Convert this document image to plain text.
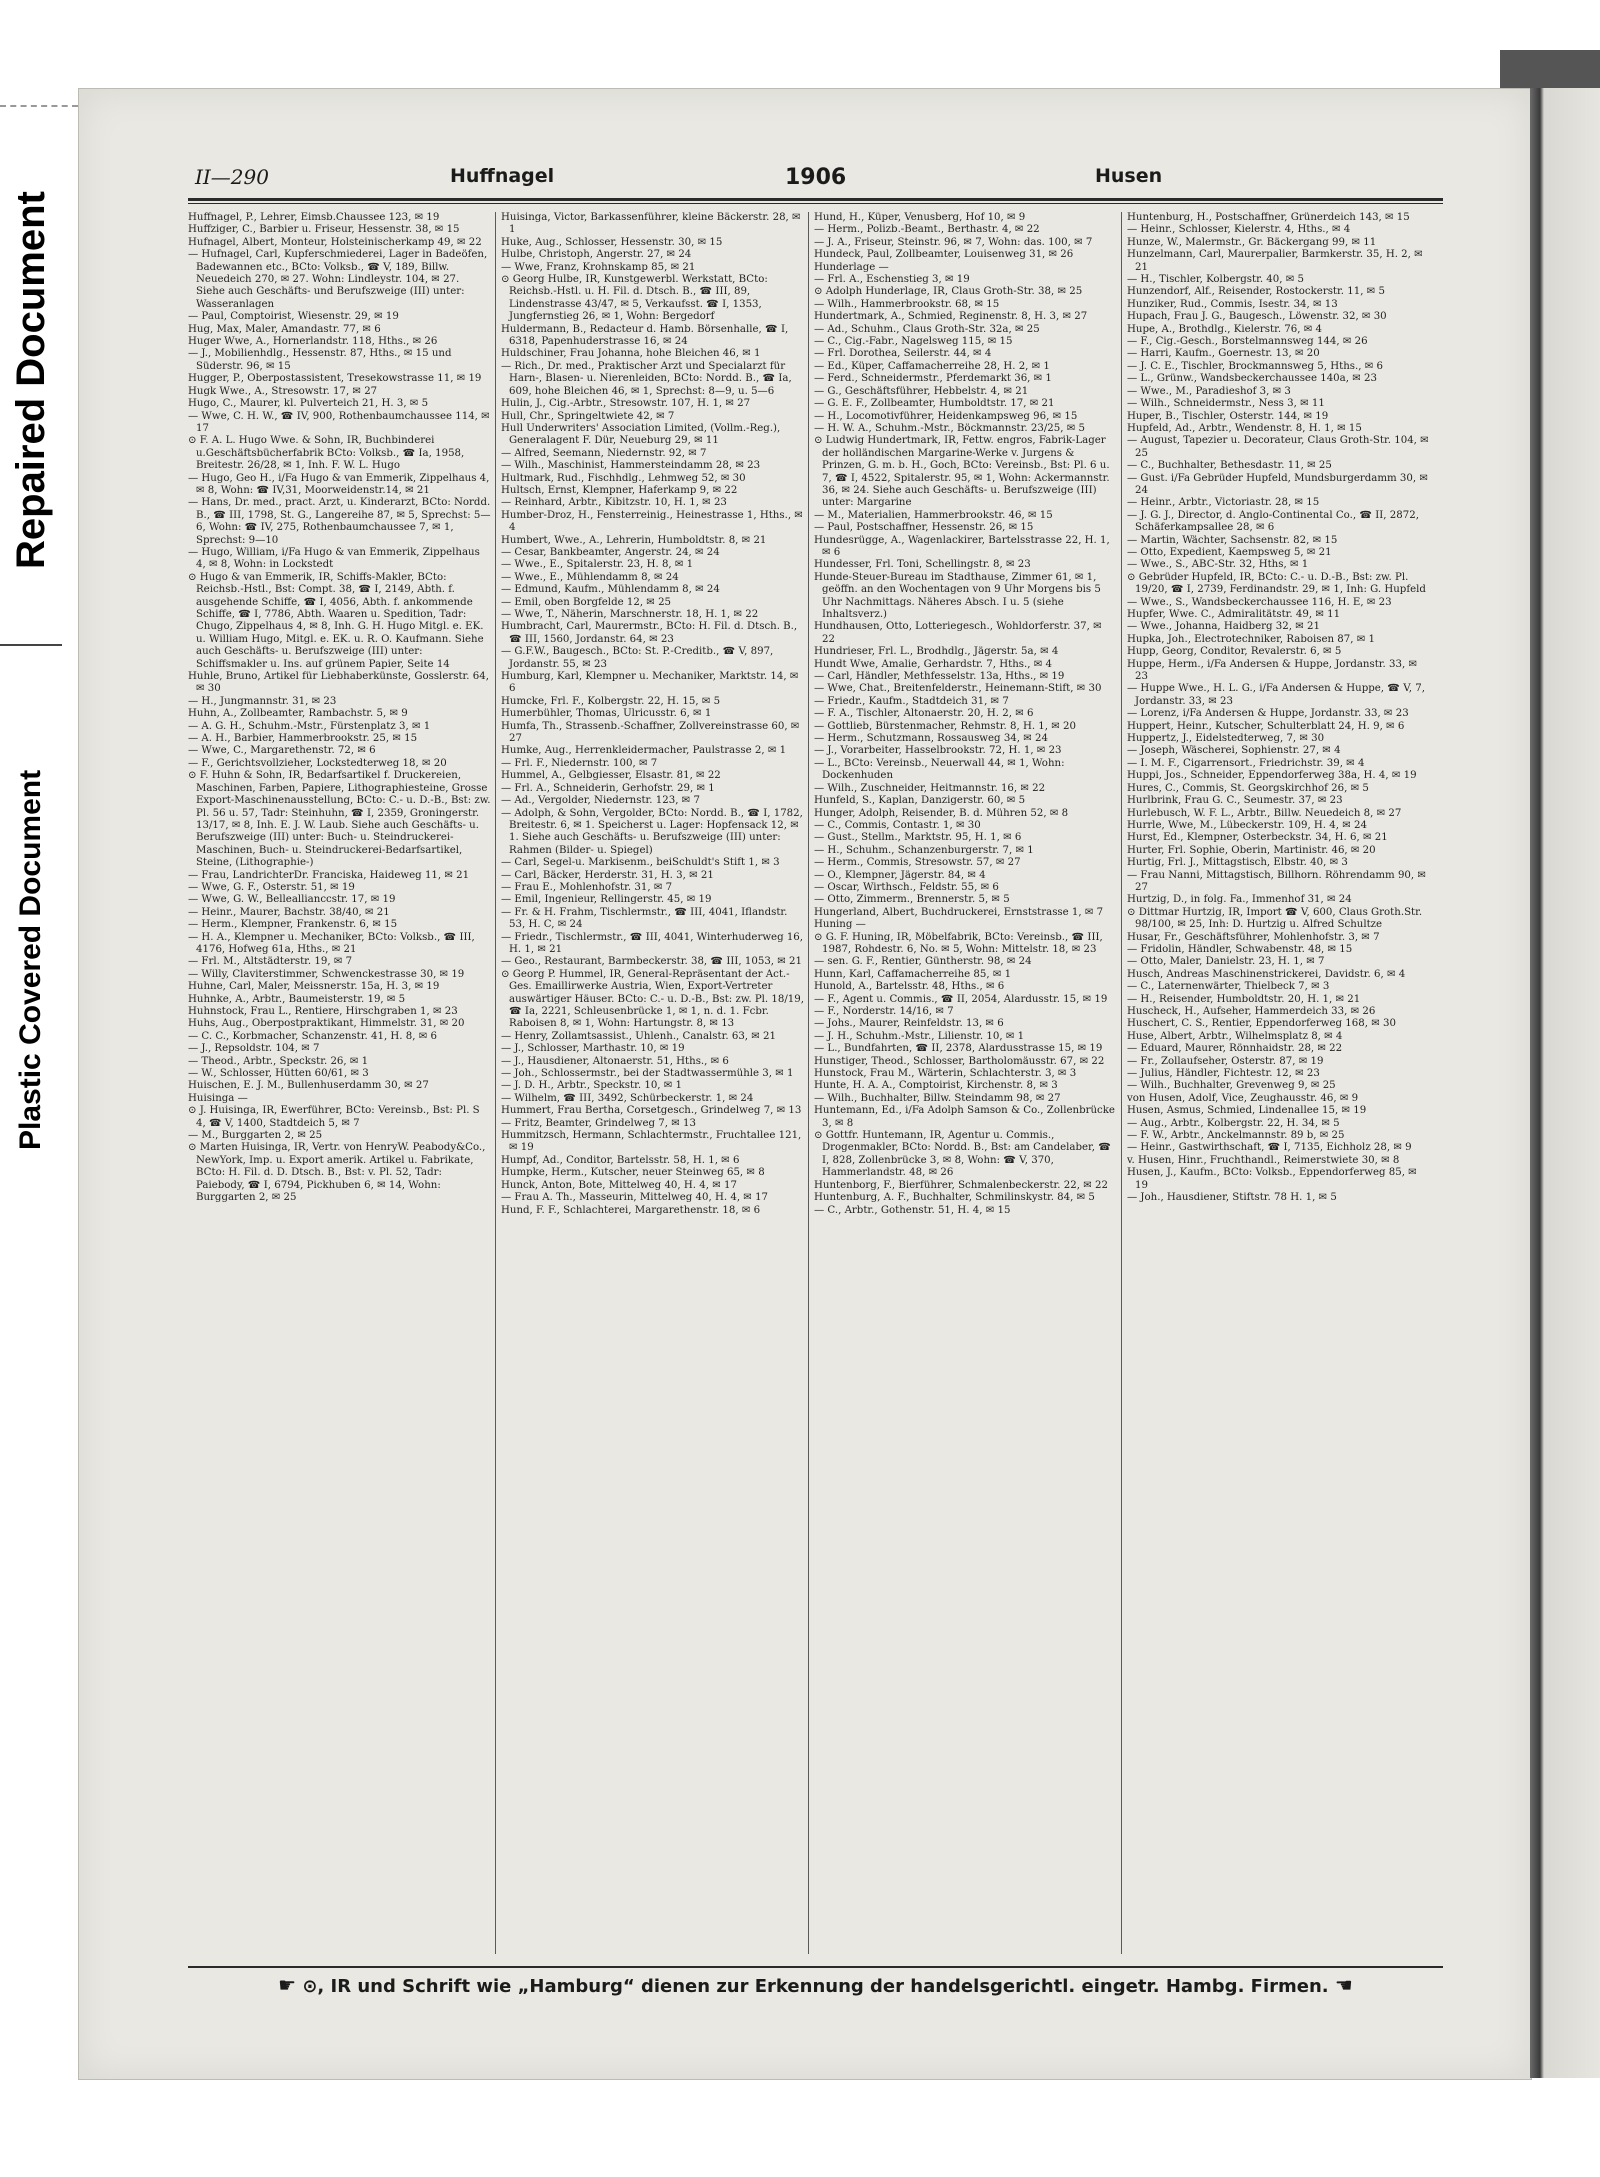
Repaired Document
Plastic Covered Document
II—290	Huffnagel	1906	Husen

Huffnagel, P., Lehrer, Eimsb.Chaussee 123, ✉ 19

Huffziger, C., Barbier u. Friseur, Hessenstr. 38, ✉ 15

Hufnagel, Albert, Monteur, Holsteinischerkamp 49, ✉ 22

— Hufnagel, Carl, Kupferschmiederei, Lager in Badeöfen, Badewannen etc., BCto: Volksb., ☎ V, 189, Billw. Neuedeich 270, ✉ 27. Wohn: Lindleystr. 104, ✉ 27. Siehe auch Geschäfts- und Berufszweige (III) unter: Wasseranlagen

— Paul, Comptoirist, Wiesenstr. 29, ✉ 19

Hug, Max, Maler, Amandastr. 77, ✉ 6

Huger Wwe, A., Hornerlandstr. 118, Hths., ✉ 26

— J., Mobilienhdlg., Hessenstr. 87, Hths., ✉ 15 und Süderstr. 96, ✉ 15

Hugger, P., Oberpostassistent, Tresekowstrasse 11, ✉ 19

Hugk Wwe., A., Stresowstr. 17, ✉ 27

Hugo, C., Maurer, kl. Pulverteich 21, H. 3, ✉ 5

— Wwe, C. H. W., ☎ IV, 900, Rothenbaumchaussee 114, ✉ 17

⊙ F. A. L. Hugo Wwe. & Sohn, IR, Buchbinderei u.Geschäftsbücherfabrik BCto: Volksb., ☎ Ia, 1958, Breitestr. 26/28, ✉ 1, Inh. F. W. L. Hugo

— Hugo, Geo H., i/Fa Hugo & van Emmerik, Zippelhaus 4, ✉ 8, Wohn: ☎ IV,31, Moorweidenstr.14, ✉ 21

— Hans, Dr. med., pract. Arzt, u. Kinderarzt, BCto: Nordd. B., ☎ III, 1798, St. G., Langereihe 87, ✉ 5, Sprechst: 5—6, Wohn: ☎ IV, 275, Rothenbaumchaussee 7, ✉ 1, Sprechst: 9—10

— Hugo, William, i/Fa Hugo & van Emmerik, Zippelhaus 4, ✉ 8, Wohn: in Lockstedt

⊙ Hugo & van Emmerik, IR, Schiffs-Makler, BCto: Reichsb.-Hstl., Bst: Compt. 38, ☎ I, 2149, Abth. f. ausgehende Schiffe, ☎ I, 4056, Abth. f. ankommende Schiffe, ☎ I, 7786, Abth. Waaren u. Spedition, Tadr: Chugo, Zippelhaus 4, ✉ 8, Inh. G. H. Hugo Mitgl. e. EK. u. William Hugo, Mitgl. e. EK. u. R. O. Kaufmann. Siehe auch Geschäfts- u. Berufszweige (III) unter: Schiffsmakler u. Ins. auf grünem Papier, Seite 14

Huhle, Bruno, Artikel für Liebhaberkünste, Gosslerstr. 64, ✉ 30

— H., Jungmannstr. 31, ✉ 23

Huhn, A., Zollbeamter, Rambachstr. 5, ✉ 9

— A. G. H., Schuhm.-Mstr., Fürstenplatz 3, ✉ 1

— A. H., Barbier, Hammerbrookstr. 25, ✉ 15

— Wwe, C., Margarethenstr. 72, ✉ 6

— F., Gerichtsvollzieher, Lockstedterweg 18, ✉ 20

⊙ F. Huhn & Sohn, IR, Bedarfsartikel f. Druckereien, Maschinen, Farben, Papiere, Lithographiesteine, Grosse Export-Maschinenausstellung, BCto: C.- u. D.-B., Bst: zw. Pl. 56 u. 57, Tadr: Steinhuhn, ☎ I, 2359, Groningerstr. 13/17, ✉ 8, Inh. E. J. W. Laub. Siehe auch Geschäfts- u. Berufszweige (III) unter: Buch- u. Steindruckerei-Maschinen, Buch- u. Steindruckerei-Bedarfsartikel, Steine, (Lithographie-)

— Frau, LandrichterDr. Franciska, Haideweg 11, ✉ 21

— Wwe, G. F., Osterstr. 51, ✉ 19

— Wwe, G. W., Belleallianccstr. 17, ✉ 19

— Heinr., Maurer, Bachstr. 38/40, ✉ 21

— Herm., Klempner, Frankenstr. 6, ✉ 15

— H. A., Klempner u. Mechaniker, BCto: Volksb., ☎ III, 4176, Hofweg 61a, Hths., ✉ 21

— Frl. M., Altstädterstr. 19, ✉ 7

— Willy, Claviterstimmer, Schwenckestrasse 30, ✉ 19

Huhne, Carl, Maler, Meissnerstr. 15a, H. 3, ✉ 19

Huhnke, A., Arbtr., Baumeisterstr. 19, ✉ 5

Huhnstock, Frau L., Rentiere, Hirschgraben 1, ✉ 23

Huhs, Aug., Oberpostpraktikant, Himmelstr. 31, ✉ 20

— C. C., Korbmacher, Schanzenstr. 41, H. 8, ✉ 6

— J., Repsoldstr. 104, ✉ 7

— Theod., Arbtr., Speckstr. 26, ✉ 1

— W., Schlosser, Hütten 60/61, ✉ 3

Huischen, E. J. M., Bullenhuserdamm 30, ✉ 27

Huisinga —

⊙ J. Huisinga, IR, Ewerführer, BCto: Vereinsb., Bst: Pl. S 4, ☎ V, 1400, Stadtdeich 5, ✉ 7

— M., Burggarten 2, ✉ 25

⊙ Marten Huisinga, IR, Vertr. von HenryW. Peabody&Co., NewYork, Imp. u. Export amerik. Artikel u. Fabrikate, BCto: H. Fil. d. D. Dtsch. B., Bst: v. Pl. 52, Tadr: Paiebody, ☎ I, 6794, Pickhuben 6, ✉ 14, Wohn: Burggarten 2, ✉ 25

Huisinga, Victor, Barkassenführer, kleine Bäckerstr. 28, ✉ 1

Huke, Aug., Schlosser, Hessenstr. 30, ✉ 15

Hulbe, Christoph, Angerstr. 27, ✉ 24

— Wwe, Franz, Krohnskamp 85, ✉ 21

⊙ Georg Hulbe, IR, Kunstgewerbl. Werkstatt, BCto: Reichsb.-Hstl. u. H. Fil. d. Dtsch. B., ☎ III, 89, Lindenstrasse 43/47, ✉ 5, Verkaufsst. ☎ I, 1353, Jungfernstieg 26, ✉ 1, Wohn: Bergedorf

Huldermann, B., Redacteur d. Hamb. Börsenhalle, ☎ I, 6318, Papenhuderstrasse 16, ✉ 24

Huldschiner, Frau Johanna, hohe Bleichen 46, ✉ 1

— Rich., Dr. med., Praktischer Arzt und Specialarzt für Harn-, Blasen- u. Nierenleiden, BCto: Nordd. B., ☎ Ia, 609, hohe Bleichen 46, ✉ 1, Sprechst: 8—9, u. 5—6

Hulin, J., Cig.-Arbtr., Stresowstr. 107, H. 1, ✉ 27

Hull, Chr., Springeltwiete 42, ✉ 7

Hull Underwriters' Association Limited, (Vollm.-Reg.), Generalagent F. Dür, Neueburg 29, ✉ 11

— Alfred, Seemann, Niedernstr. 92, ✉ 7

— Wilh., Maschinist, Hammersteindamm 28, ✉ 23

Hultmark, Rud., Fischhdlg., Lehmweg 52, ✉ 30

Hultsch, Ernst, Klempner, Haferkamp 9, ✉ 22

— Reinhard, Arbtr., Kibitzstr. 10, H. 1, ✉ 23

Humber-Droz, H., Fensterreinig., Heinestrasse 1, Hths., ✉ 4

Humbert, Wwe., A., Lehrerin, Humboldtstr. 8, ✉ 21

— Cesar, Bankbeamter, Angerstr. 24, ✉ 24

— Wwe., E., Spitalerstr. 23, H. 8, ✉ 1

— Wwe., E., Mühlendamm 8, ✉ 24

— Edmund, Kaufm., Mühlendamm 8, ✉ 24

— Emil, oben Borgfelde 12, ✉ 25

— Wwe, T., Näherin, Marschnerstr. 18, H. 1, ✉ 22

Humbracht, Carl, Maurermstr., BCto: H. Fil. d. Dtsch. B., ☎ III, 1560, Jordanstr. 64, ✉ 23

— G.F.W., Baugesch., BCto: St. P.-Creditb., ☎ V, 897, Jordanstr. 55, ✉ 23

Humburg, Karl, Klempner u. Mechaniker, Marktstr. 14, ✉ 6

Humcke, Frl. F., Kolbergstr. 22, H. 15, ✉ 5

Humerbühler, Thomas, Ulricusstr. 6, ✉ 1

Humfa, Th., Strassenb.-Schaffner, Zollvereinstrasse 60, ✉ 27

Humke, Aug., Herrenkleidermacher, Paulstrasse 2, ✉ 1

— Frl. F., Niedernstr. 100, ✉ 7

Hummel, A., Gelbgiesser, Elsastr. 81, ✉ 22

— Frl. A., Schneiderin, Gerhofstr. 29, ✉ 1

— Ad., Vergolder, Niedernstr. 123, ✉ 7

— Adolph, & Sohn, Vergolder, BCto: Nordd. B., ☎ I, 1782, Breitestr. 6, ✉ 1. Speicherst u. Lager: Hopfensack 12, ✉ 1. Siehe auch Geschäfts- u. Berufszweige (III) unter: Rahmen (Bilder- u. Spiegel)

— Carl, Segel-u. Markisenm., beiSchuldt's Stift 1, ✉ 3

— Carl, Bäcker, Herderstr. 31, H. 3, ✉ 21

— Frau E., Mohlenhofstr. 31, ✉ 7

— Emil, Ingenieur, Rellingerstr. 45, ✉ 19

— Fr. & H. Frahm, Tischlermstr., ☎ III, 4041, Iflandstr. 53, H. C, ✉ 24

— Friedr., Tischlermstr., ☎ III, 4041, Winterhuderweg 16, H. 1, ✉ 21

— Geo., Restaurant, Barmbeckerstr. 38, ☎ III, 1053, ✉ 21

⊙ Georg P. Hummel, IR, General-Repräsentant der Act.-Ges. Emaillirwerke Austria, Wien, Export-Vertreter auswärtiger Häuser. BCto: C.- u. D.-B., Bst: zw. Pl. 18/19, ☎ Ia, 2221, Schleusenbrücke 1, ✉ 1, n. d. 1. Fcbr. Raboisen 8, ✉ 1, Wohn: Hartungstr. 8, ✉ 13

— Henry, Zollamtsassist., Uhlenh., Canalstr. 63, ✉ 21

— J., Schlosser, Marthastr. 10, ✉ 19

— J., Hausdiener, Altonaerstr. 51, Hths., ✉ 6

— Joh., Schlossermstr., bei der Stadtwassermühle 3, ✉ 1

— J. D. H., Arbtr., Speckstr. 10, ✉ 1

— Wilhelm, ☎ III, 3492, Schürbeckerstr. 1, ✉ 24

Hummert, Frau Bertha, Corsetgesch., Grindelweg 7, ✉ 13

— Fritz, Beamter, Grindelweg 7, ✉ 13

Hummitzsch, Hermann, Schlachtermstr., Fruchtallee 121, ✉ 19

Humpf, Ad., Conditor, Bartelsstr. 58, H. 1, ✉ 6

Humpke, Herm., Kutscher, neuer Steinweg 65, ✉ 8

Hunck, Anton, Bote, Mittelweg 40, H. 4, ✉ 17

— Frau A. Th., Masseurin, Mittelweg 40, H. 4, ✉ 17

Hund, F. F., Schlachterei, Margarethenstr. 18, ✉ 6

Hund, H., Küper, Venusberg, Hof 10, ✉ 9

— Herm., Polizb.-Beamt., Berthastr. 4, ✉ 22

— J. A., Friseur, Steinstr. 96, ✉ 7, Wohn: das. 100, ✉ 7

Hundeck, Paul, Zollbeamter, Louisenweg 31, ✉ 26

Hunderlage —

— Frl. A., Eschenstieg 3, ✉ 19

⊙ Adolph Hunderlage, IR, Claus Groth-Str. 38, ✉ 25

— Wilh., Hammerbrookstr. 68, ✉ 15

Hundertmark, A., Schmied, Reginenstr. 8, H. 3, ✉ 27

— Ad., Schuhm., Claus Groth-Str. 32a, ✉ 25

— C., Cig.-Fabr., Nagelsweg 115, ✉ 15

— Frl. Dorothea, Seilerstr. 44, ✉ 4

— Ed., Küper, Caffamacherreihe 28, H. 2, ✉ 1

— Ferd., Schneidermstr., Pferdemarkt 36, ✉ 1

— G., Geschäftsführer, Hebbelstr. 4, ✉ 21

— G. E. F., Zollbeamter, Humboldtstr. 17, ✉ 21

— H., Locomotivführer, Heidenkampsweg 96, ✉ 15

— H. W. A., Schuhm.-Mstr., Böckmannstr. 23/25, ✉ 5

⊙ Ludwig Hundertmark, IR, Fettw. engros, Fabrik-Lager der holländischen Margarine-Werke v. Jurgens & Prinzen, G. m. b. H., Goch, BCto: Vereinsb., Bst: Pl. 6 u. 7, ☎ I, 4522, Spitalerstr. 95, ✉ 1, Wohn: Ackermannstr. 36, ✉ 24. Siehe auch Geschäfts- u. Berufszweige (III) unter: Margarine

— M., Materialien, Hammerbrookstr. 46, ✉ 15

— Paul, Postschaffner, Hessenstr. 26, ✉ 15

Hundesrügge, A., Wagenlackirer, Bartelsstrasse 22, H. 1, ✉ 6

Hundesser, Frl. Toni, Schellingstr. 8, ✉ 23

Hunde-Steuer-Bureau im Stadthause, Zimmer 61, ✉ 1, geöffn. an den Wochentagen von 9 Uhr Morgens bis 5 Uhr Nachmittags. Näheres Absch. I u. 5 (siehe Inhaltsverz.)

Hundhausen, Otto, Lotteriegesch., Wohldorferstr. 37, ✉ 22

Hundrieser, Frl. L., Brodhdlg., Jägerstr. 5a, ✉ 4

Hundt Wwe, Amalie, Gerhardstr. 7, Hths., ✉ 4

— Carl, Händler, Methfesselstr. 13a, Hths., ✉ 19

— Wwe, Chat., Breitenfelderstr., Heinemann-Stift, ✉ 30

— Friedr., Kaufm., Stadtdeich 31, ✉ 7

— F. A., Tischler, Altonaerstr. 20, H. 2, ✉ 6

— Gottlieb, Bürstenmacher, Rehmstr. 8, H. 1, ✉ 20

— Herm., Schutzmann, Rossausweg 34, ✉ 24

— J., Vorarbeiter, Hasselbrookstr. 72, H. 1, ✉ 23

— L., BCto: Vereinsb., Neuerwall 44, ✉ 1, Wohn: Dockenhuden

— Wilh., Zuschneider, Heitmannstr. 16, ✉ 22

Hunfeld, S., Kaplan, Danzigerstr. 60, ✉ 5

Hunger, Adolph, Reisender, B. d. Mühren 52, ✉ 8

— C., Commis, Contastr. 1, ✉ 30

— Gust., Stellm., Marktstr. 95, H. 1, ✉ 6

— H., Schuhm., Schanzenburgerstr. 7, ✉ 1

— Herm., Commis, Stresowstr. 57, ✉ 27

— O., Klempner, Jägerstr. 84, ✉ 4

— Oscar, Wirthsch., Feldstr. 55, ✉ 6

— Otto, Zimmerm., Brennerstr. 5, ✉ 5

Hungerland, Albert, Buchdruckerei, Ernststrasse 1, ✉ 7

Huning —

⊙ G. F. Huning, IR, Möbelfabrik, BCto: Vereinsb., ☎ III, 1987, Rohdestr. 6, No. ✉ 5, Wohn: Mittelstr. 18, ✉ 23

— sen. G. F., Rentier, Güntherstr. 98, ✉ 24

Hunn, Karl, Caffamacherreihe 85, ✉ 1

Hunold, A., Bartelsstr. 48, Hths., ✉ 6

— F., Agent u. Commis., ☎ II, 2054, Alardusstr. 15, ✉ 19

— F., Norderstr. 14/16, ✉ 7

— Johs., Maurer, Reinfeldstr. 13, ✉ 6

— J. H., Schuhm.-Mstr., Lilienstr. 10, ✉ 1

— L., Bundfahrten, ☎ II, 2378, Alardusstrasse 15, ✉ 19

Hunstiger, Theod., Schlosser, Bartholomäusstr. 67, ✉ 22

Hunstock, Frau M., Wärterin, Schlachterstr. 3, ✉ 3

Hunte, H. A. A., Comptoirist, Kirchenstr. 8, ✉ 3

— Wilh., Buchhalter, Billw. Steindamm 98, ✉ 27

Huntemann, Ed., i/Fa Adolph Samson & Co., Zollenbrücke 3, ✉ 8

⊙ Gottfr. Huntemann, IR, Agentur u. Commis., Drogenmakler, BCto: Nordd. B., Bst: am Candelaber, ☎ I, 828, Zollenbrücke 3, ✉ 8, Wohn: ☎ V, 370, Hammerlandstr. 48, ✉ 26

Huntenborg, F., Bierführer, Schmalenbeckerstr. 22, ✉ 22

Huntenburg, A. F., Buchhalter, Schmilinskystr. 84, ✉ 5

— C., Arbtr., Gothenstr. 51, H. 4, ✉ 15

Huntenburg, H., Postschaffner, Grünerdeich 143, ✉ 15

— Heinr., Schlosser, Kielerstr. 4, Hths., ✉ 4

Hunze, W., Malermstr., Gr. Bäckergang 99, ✉ 11

Hunzelmann, Carl, Maurerpalier, Barmkerstr. 35, H. 2, ✉ 21

— H., Tischler, Kolbergstr. 40, ✉ 5

Hunzendorf, Alf., Reisender, Rostockerstr. 11, ✉ 5

Hunziker, Rud., Commis, Isestr. 34, ✉ 13

Hupach, Frau J. G., Baugesch., Löwenstr. 32, ✉ 30

Hupe, A., Brothdlg., Kielerstr. 76, ✉ 4

— F., Cig.-Gesch., Borstelmannsweg 144, ✉ 26

— Harri, Kaufm., Goernestr. 13, ✉ 20

— J. C. E., Tischler, Brockmannsweg 5, Hths., ✉ 6

— L., Grünw., Wandsbeckerchaussee 140a, ✉ 23

— Wwe., M., Paradieshof 3, ✉ 3

— Wilh., Schneidermstr., Ness 3, ✉ 11

Huper, B., Tischler, Osterstr. 144, ✉ 19

Hupfeld, Ad., Arbtr., Wendenstr. 8, H. 1, ✉ 15

— August, Tapezier u. Decorateur, Claus Groth-Str. 104, ✉ 25

— C., Buchhalter, Bethesdastr. 11, ✉ 25

— Gust. i/Fa Gebrüder Hupfeld, Mundsburgerdamm 30, ✉ 24

— Heinr., Arbtr., Victoriastr. 28, ✉ 15

— J. G. J., Director, d. Anglo-Continental Co., ☎ II, 2872, Schäferkampsallee 28, ✉ 6

— Martin, Wächter, Sachsenstr. 82, ✉ 15

— Otto, Expedient, Kaempsweg 5, ✉ 21

— Wwe., S., ABC-Str. 32, Hths, ✉ 1

⊙ Gebrüder Hupfeld, IR, BCto: C.- u. D.-B., Bst: zw. Pl. 19/20, ☎ I, 2739, Ferdinandstr. 29, ✉ 1, Inh: G. Hupfeld

— Wwe., S., Wandsbeckerchaussee 116, H. E, ✉ 23

Hupfer, Wwe. C., Admiralitätstr. 49, ✉ 11

— Wwe., Johanna, Haidberg 32, ✉ 21

Hupka, Joh., Electrotechniker, Raboisen 87, ✉ 1

Hupp, Georg, Conditor, Revalerstr. 6, ✉ 5

Huppe, Herm., i/Fa Andersen & Huppe, Jordanstr. 33, ✉ 23

— Huppe Wwe., H. L. G., i/Fa Andersen & Huppe, ☎ V, 7, Jordanstr. 33, ✉ 23

— Lorenz, i/Fa Andersen & Huppe, Jordanstr. 33, ✉ 23

Huppert, Heinr., Kutscher, Schulterblatt 24, H. 9, ✉ 6

Huppertz, J., Eidelstedterweg, 7, ✉ 30

— Joseph, Wäscherei, Sophienstr. 27, ✉ 4

— I. M. F., Cigarrensort., Friedrichstr. 39, ✉ 4

Huppi, Jos., Schneider, Eppendorferweg 38a, H. 4, ✉ 19

Hures, C., Commis, St. Georgskirchhof 26, ✉ 5

Hurlbrink, Frau G. C., Seumestr. 37, ✉ 23

Hurlebusch, W. F. L., Arbtr., Billw. Neuedeich 8, ✉ 27

Hurrle, Wwe, M., Lübeckerstr. 109, H. 4, ✉ 24

Hurst, Ed., Klempner, Osterbeckstr. 34, H. 6, ✉ 21

Hurter, Frl. Sophie, Oberin, Martinistr. 46, ✉ 20

Hurtig, Frl. J., Mittagstisch, Elbstr. 40, ✉ 3

— Frau Nanni, Mittagstisch, Billhorn. Röhrendamm 90, ✉ 27

Hurtzig, D., in folg. Fa., Immenhof 31, ✉ 24

⊙ Dittmar Hurtzig, IR, Import ☎ V, 600, Claus Groth.Str. 98/100, ✉ 25, Inh: D. Hurtzig u. Alfred Schultze

Husar, Fr., Geschäftsführer, Mohlenhofstr. 3, ✉ 7

— Fridolin, Händler, Schwabenstr. 48, ✉ 15

— Otto, Maler, Danielstr. 23, H. 1, ✉ 7

Husch, Andreas Maschinenstrickerei, Davidstr. 6, ✉ 4

— C., Laternenwärter, Thielbeck 7, ✉ 3

— H., Reisender, Humboldtstr. 20, H. 1, ✉ 21

Huscheck, H., Aufseher, Hammerdeich 33, ✉ 26

Huschert, C. S., Rentier, Eppendorferweg 168, ✉ 30

Huse, Albert, Arbtr., Wilhelmsplatz 8, ✉ 4

— Eduard, Maurer, Rönnhaidstr. 28, ✉ 22

— Fr., Zollaufseher, Osterstr. 87, ✉ 19

— Julius, Händler, Fichtestr. 12, ✉ 23

— Wilh., Buchhalter, Grevenweg 9, ✉ 25

von Husen, Adolf, Vice, Zeughausstr. 46, ✉ 9

Husen, Asmus, Schmied, Lindenallee 15, ✉ 19

— Aug., Arbtr., Kolbergstr. 22, H. 34, ✉ 5

— F. W., Arbtr., Anckelmannstr. 89 b, ✉ 25

— Heinr., Gastwirthschaft, ☎ I, 7135, Eichholz 28, ✉ 9

v. Husen, Hinr., Fruchthandl., Reimerstwiete 30, ✉ 8

Husen, J., Kaufm., BCto: Volksb., Eppendorferweg 85, ✉ 19

— Joh., Hausdiener, Stiftstr. 78 H. 1, ✉ 5

☛ ⊙, IR und Schrift wie „Hamburg“ dienen zur Erkennung der handelsgerichtl. eingetr. Hambg. Firmen. ☚
